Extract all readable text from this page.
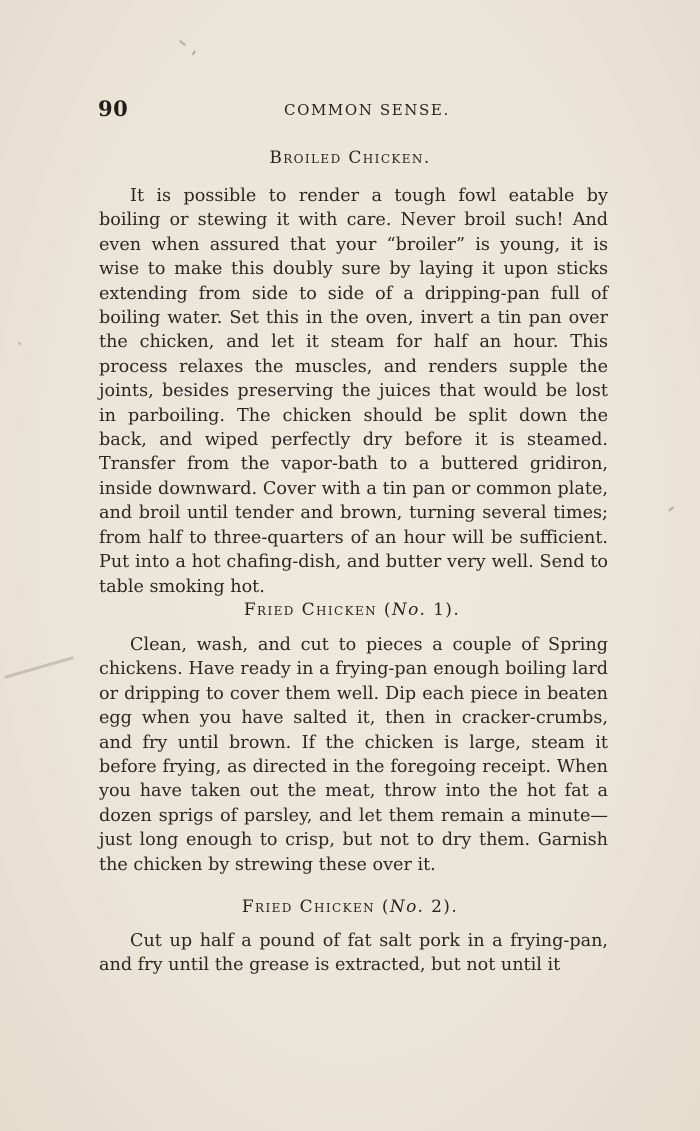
90	COMMON SENSE.
Broiled Chicken.

It is possible to render a tough fowl eatable by boiling or stewing it with care. Never broil such! And even when assured that your “broiler” is young, it is wise to make this doubly sure by laying it upon sticks extending from side to side of a dripping-pan full of boiling water. Set this in the oven, invert a tin pan over the chicken, and let it steam for half an hour. This process relaxes the muscles, and renders supple the joints, besides preserving the juices that would be lost in parboiling. The chicken should be split down the back, and wiped perfectly dry before it is steamed. Transfer from the vapor-bath to a buttered gridiron, inside downward. Cover with a tin pan or common plate, and broil until tender and brown, turning several times; from half to three-quarters of an hour will be sufficient. Put into a hot chafing-dish, and butter very well. Send to table smoking hot.

Fried Chicken (No. 1).

Clean, wash, and cut to pieces a couple of Spring chickens. Have ready in a frying-pan enough boiling lard or dripping to cover them well. Dip each piece in beaten egg when you have salted it, then in cracker-crumbs, and fry until brown. If the chicken is large, steam it before frying, as directed in the foregoing receipt. When you have taken out the meat, throw into the hot fat a dozen sprigs of parsley, and let them remain a minute—just long enough to crisp, but not to dry them. Garnish the chicken by strewing these over it.

Fried Chicken (No. 2).

Cut up half a pound of fat salt pork in a frying-pan, and fry until the grease is extracted, but not until it
